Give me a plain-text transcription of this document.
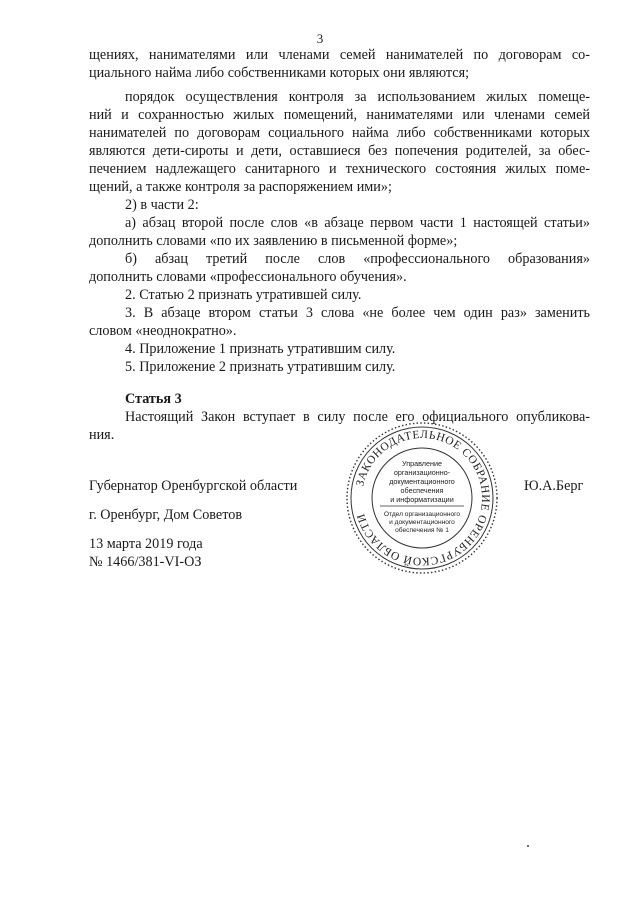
3
щениях, нанимателями или членами семей нанимателей по договорам со-
циального найма либо собственниками которых они являются;
порядок осуществления контроля за использованием жилых помеще-
ний и сохранностью жилых помещений, нанимателями или членами семей
нанимателей по договорам социального найма либо собственниками которых
являются дети-сироты и дети, оставшиеся без попечения родителей, за обес-
печением надлежащего санитарного и технического состояния жилых поме-
щений, а также контроля за распоряжением ими»;
2) в части 2:
а) абзац второй после слов «в абзаце первом части 1 настоящей статьи»
дополнить словами «по их заявлению в письменной форме»;
б) абзац третий после слов «профессионального образования»
дополнить словами «профессионального обучения».
2. Статью 2 признать утратившей силу.
3. В абзаце втором статьи 3 слова «не более чем один раз» заменить
словом «неоднократно».
4. Приложение 1 признать утратившим силу.
5. Приложение 2 признать утратившим силу.
Статья 3
Настоящий Закон вступает в силу после его официального опубликова-
ния.
Губернатор Оренбургской области	Ю.А.Берг
г. Оренбург, Дом Советов
13 марта 2019 года
№ 1466/381-VI-ОЗ
ЗАКОНОДАТЕЛЬНОЕ СОБРАНИЕ ОРЕНБУРГСКОЙ ОБЛАСТИ
Управление
организационно-
документационного
обеспечения
и информатизации
Отдел организационного
и документационного
обеспечения № 1
